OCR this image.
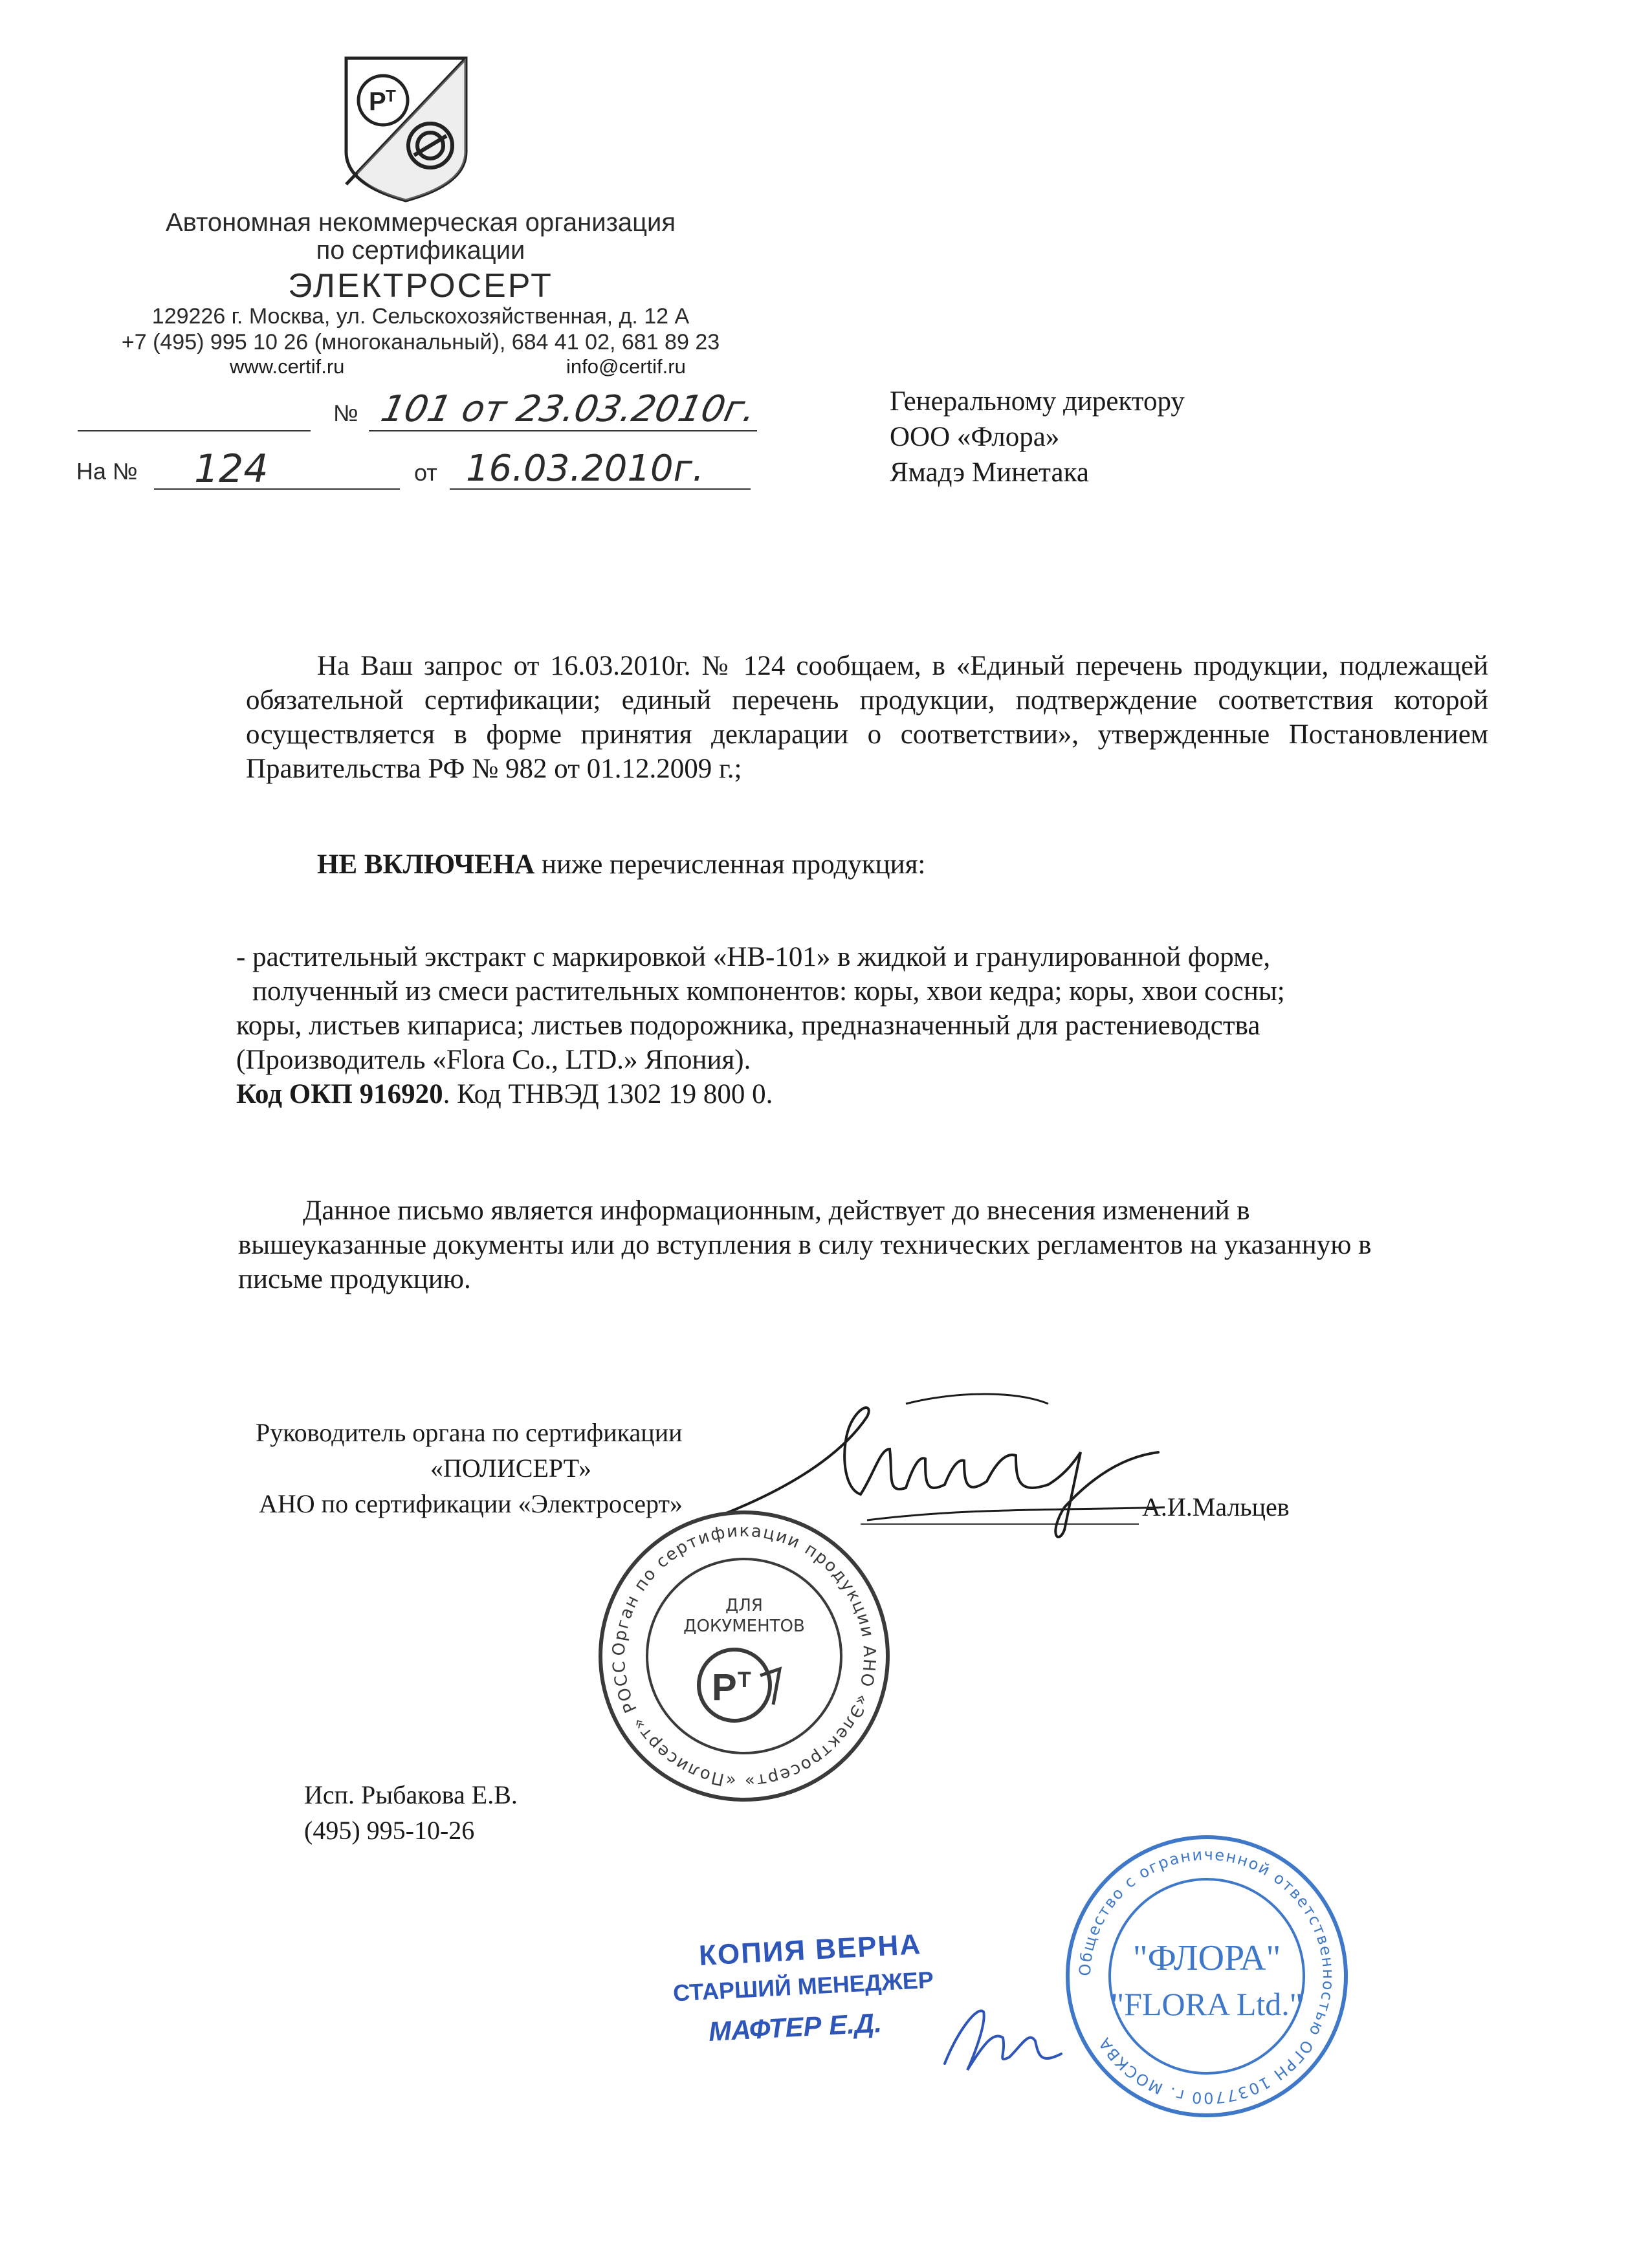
Р Т
Автономная некоммерческая организация
по сертификации
ЭЛЕКТРОСЕРТ
129226 г. Москва, ул. Сельскохозяйственная, д. 12 А
+7 (495) 995 10 26 (многоканальный), 684 41 02, 681 89 23
www.certif.ru	info@certif.ru
№ 101 от 23.03.2010г.
На № 124	от 16.03.2010г.
Генеральному директору
ООО «Флора»
Ямадэ Минетака
На Ваш запрос от 16.03.2010г. № 124 сообщаем, в «Единый перечень продукции, подлежащей обязательной сертификации; единый перечень продукции, подтверждение соответствия которой осуществляется в форме принятия декларации о соответствии», утвержденные Постановлением Правительства РФ № 982 от 01.12.2009 г.;
НЕ ВКЛЮЧЕНА ниже перечисленная продукция:
- растительный экстракт с маркировкой «HB-101» в жидкой и гранулированной форме,
полученный из смеси растительных компонентов: коры, хвои кедра; коры, хвои сосны;
коры, листьев кипариса; листьев подорожника, предназначенный для растениеводства
(Производитель «Flora Co., LTD.» Япония).
Код ОКП 916920. Код ТНВЭД 1302 19 800 0.
Данное письмо является информационным, действует до внесения изменений в вышеуказанные документы или до вступления в силу технических регламентов на указанную в письме продукцию.
Руководитель органа по сертификации
«ПОЛИСЕРТ»
АНО по сертификации «Электросерт»	А.И.Мальцев
Орган по сертификации продукции АНО «Электросерт» «Полисерт» РОСС
ДЛЯ
ДОКУМЕНТОВ
Р Т
Исп. Рыбакова Е.В.
(495) 995-10-26
КОПИЯ ВЕРНА
СТАРШИЙ МЕНЕДЖЕР
МАФТЕР Е.Д.
Общество с ограниченной ответственностью ОГРН 1037700 г. МОСКВА
"ФЛОРА"
"FLORA Ltd."
